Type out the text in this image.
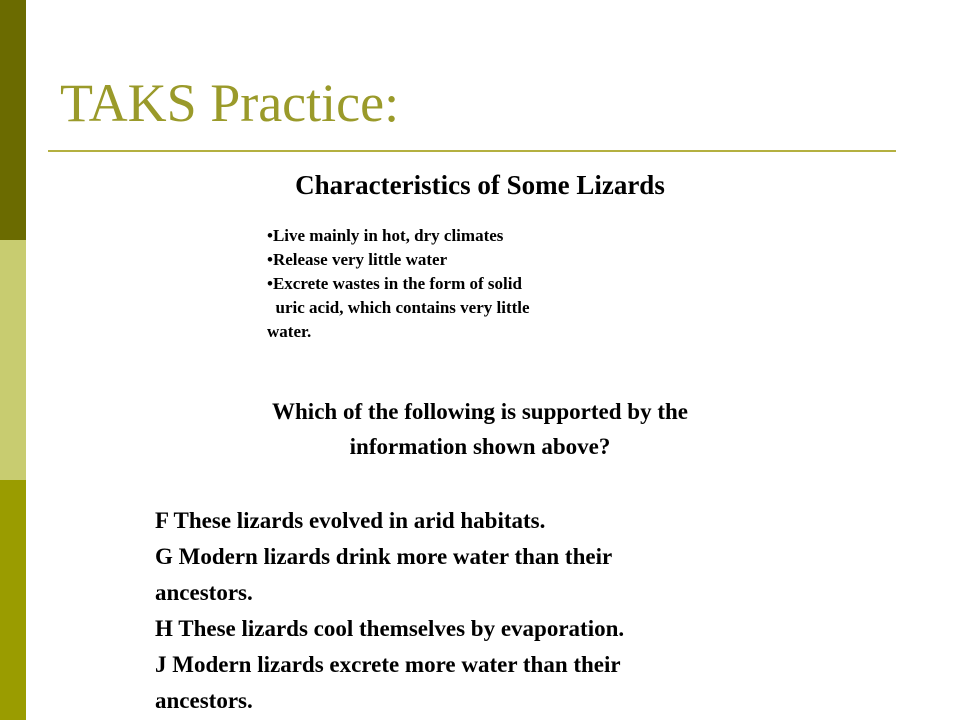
TAKS Practice:
Characteristics of Some Lizards
•Live mainly in hot, dry climates
•Release very little water
•Excrete wastes in the form of solid
uric acid, which contains very little
water.
Which of the following is supported by the
information shown above?
F These lizards evolved in arid habitats.
G Modern lizards drink more water than their
ancestors.
H These lizards cool themselves by evaporation.
J Modern lizards excrete more water than their
ancestors.
